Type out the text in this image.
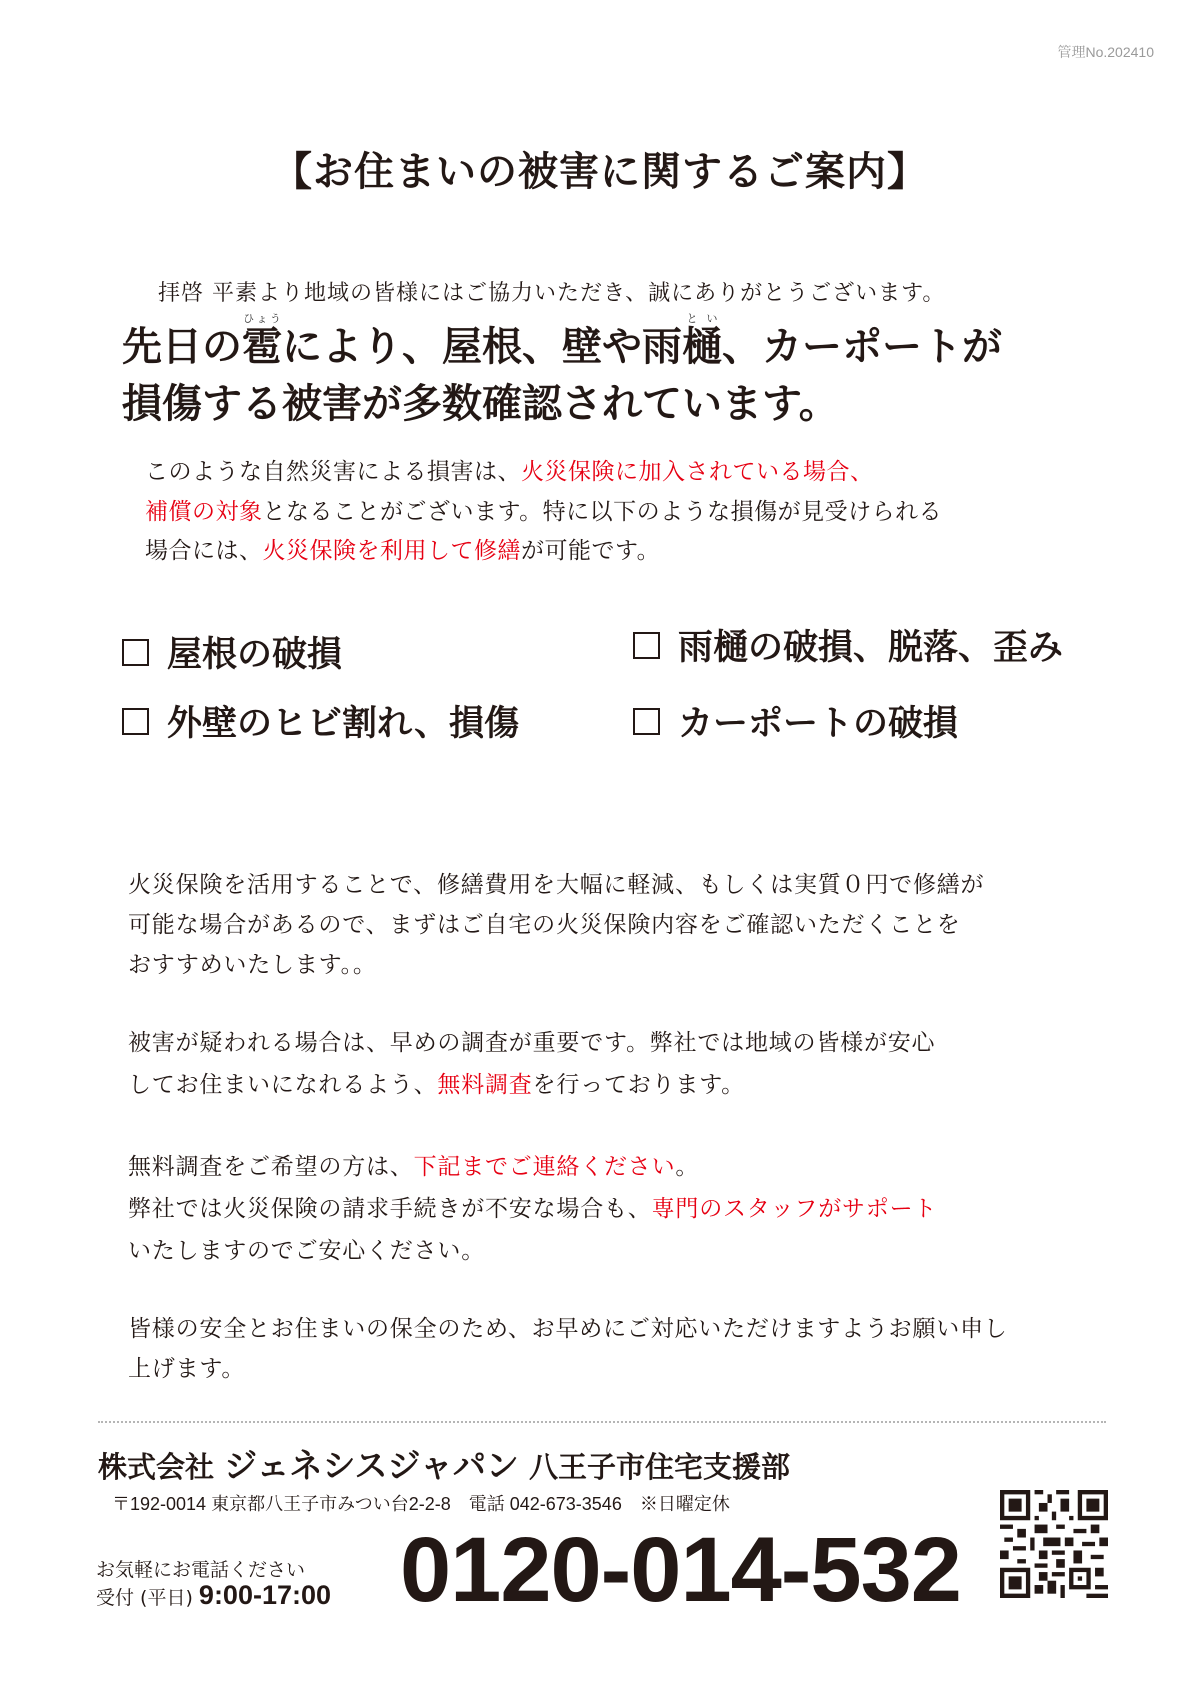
管理No.202410
【お住まいの被害に関するご案内】

拝啓 平素より地域の皆様にはご協力いただき、誠にありがとうございます。

先日の雹ひょうにより、屋根、壁や雨樋とい、カーポートが
損傷する被害が多数確認されています。
このような自然災害による損害は、火災保険に加入されている場合、
補償の対象となることがございます。特に以下のような損傷が見受けられる
場合には、火災保険を利用して修繕が可能です。
屋根の破損	雨樋の破損、脱落、歪み
外壁のヒビ割れ、損傷	カーポートの破損
火災保険を活用することで、修繕費用を大幅に軽減、もしくは実質０円で修繕が
可能な場合があるので、まずはご自宅の火災保険内容をご確認いただくことを
おすすめいたします。。
被害が疑われる場合は、早めの調査が重要です。弊社では地域の皆様が安心
してお住まいになれるよう、無料調査を行っております。
無料調査をご希望の方は、下記までご連絡ください。
弊社では火災保険の請求手続きが不安な場合も、専門のスタッフがサポート
いたしますのでご安心ください。
皆様の安全とお住まいの保全のため、お早めにご対応いただけますようお願い申し
上げます。
株式会社 ジェネシスジャパン 八王子市住宅支援部
〒192-0014 東京都八王子市みつい台2-2-8　電話 042-673-3546　※日曜定休
お気軽にお電話ください
受付 (平日) 9:00-17:00 0120-014-532
